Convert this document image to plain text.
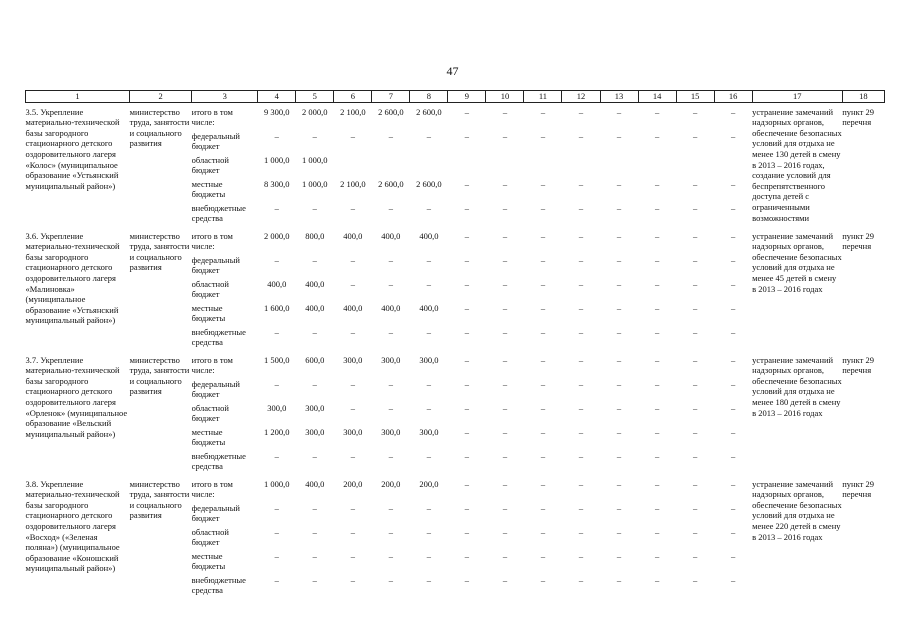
47
1	2	3	4	5	6	7	8	9	10	11	12	13	14	15	16	17	18
3.5. Укрепление материально-технической базы загородного стационарного детского оздоровительного лагеря «Колос» (муниципальное образование «Устьянский муниципальный район»)	министерство труда, занятости и социального развития	итого в том числе:	9 300,0	2 000,0	2 100,0	2 600,0	2 600,0	–	–	–	–	–	–	–	–	устранение замечаний надзорных органов, обеспечение безопасных условий для отдыха не менее 130 детей в смену в 2013 – 2016 годах, создание условий для беспрепятственного доступа детей с ограниченными возможностями	пункт 29 перечня
		федеральный бюджет	–	–	–	–	–	–	–	–	–	–	–	–	–		
		областной бюджет	1 000,0	1 000,0													
		местные бюджеты	8 300,0	1 000,0	2 100,0	2 600,0	2 600,0	–	–	–	–	–	–	–	–		
		внебюджетные средства	–	–	–	–	–	–	–	–	–	–	–	–	–		
3.6. Укрепление материально-технической базы загородного стационарного детского оздоровительного лагеря «Малиновка» (муниципальное образование «Устьянский муниципальный район»)	министерство труда, занятости и социального развития	итого в том числе:	2 000,0	800,0	400,0	400,0	400,0	–	–	–	–	–	–	–	–	устранение замечаний надзорных органов, обеспечение безопасных условий для отдыха не менее 45 детей в смену в 2013 – 2016 годах	пункт 29 перечня
		федеральный бюджет	–	–	–	–	–	–	–	–	–	–	–	–	–		
		областной бюджет	400,0	400,0	–	–	–	–	–	–	–	–	–	–	–		
		местные бюджеты	1 600,0	400,0	400,0	400,0	400,0	–	–	–	–	–	–	–	–		
		внебюджетные средства	–	–	–	–	–	–	–	–	–	–	–	–	–		
3.7. Укрепление материально-технической базы загородного стационарного детского оздоровительного лагеря «Орленок» (муниципальное образование «Вельский муниципальный район»)	министерство труда, занятости и социального развития	итого в том числе:	1 500,0	600,0	300,0	300,0	300,0	–	–	–	–	–	–	–	–	устранение замечаний надзорных органов, обеспечение безопасных условий для отдыха не менее 180 детей в смену в 2013 – 2016 годах	пункт 29 перечня
		федеральный бюджет	–	–	–	–	–	–	–	–	–	–	–	–	–		
		областной бюджет	300,0	300,0	–	–	–	–	–	–	–	–	–	–	–		
		местные бюджеты	1 200,0	300,0	300,0	300,0	300,0	–	–	–	–	–	–	–	–		
		внебюджетные средства	–	–	–	–	–	–	–	–	–	–	–	–	–		
3.8. Укрепление материально-технической базы загородного стационарного детского оздоровительного лагеря «Восход» («Зеленая поляна») (муниципальное образование «Коношский муниципальный район»)	министерство труда, занятости и социального развития	итого в том числе:	1 000,0	400,0	200,0	200,0	200,0	–	–	–	–	–	–	–	–	устранение замечаний надзорных органов, обеспечение безопасных условий для отдыха не менее 220 детей в смену в 2013 – 2016 годах	пункт 29 перечня
		федеральный бюджет	–	–	–	–	–	–	–	–	–	–	–	–	–		
		областной бюджет	–	–	–	–	–	–	–	–	–	–	–	–	–		
		местные бюджеты	–	–	–	–	–	–	–	–	–	–	–	–	–		
		внебюджетные средства	–	–	–	–	–	–	–	–	–	–	–	–	–		
